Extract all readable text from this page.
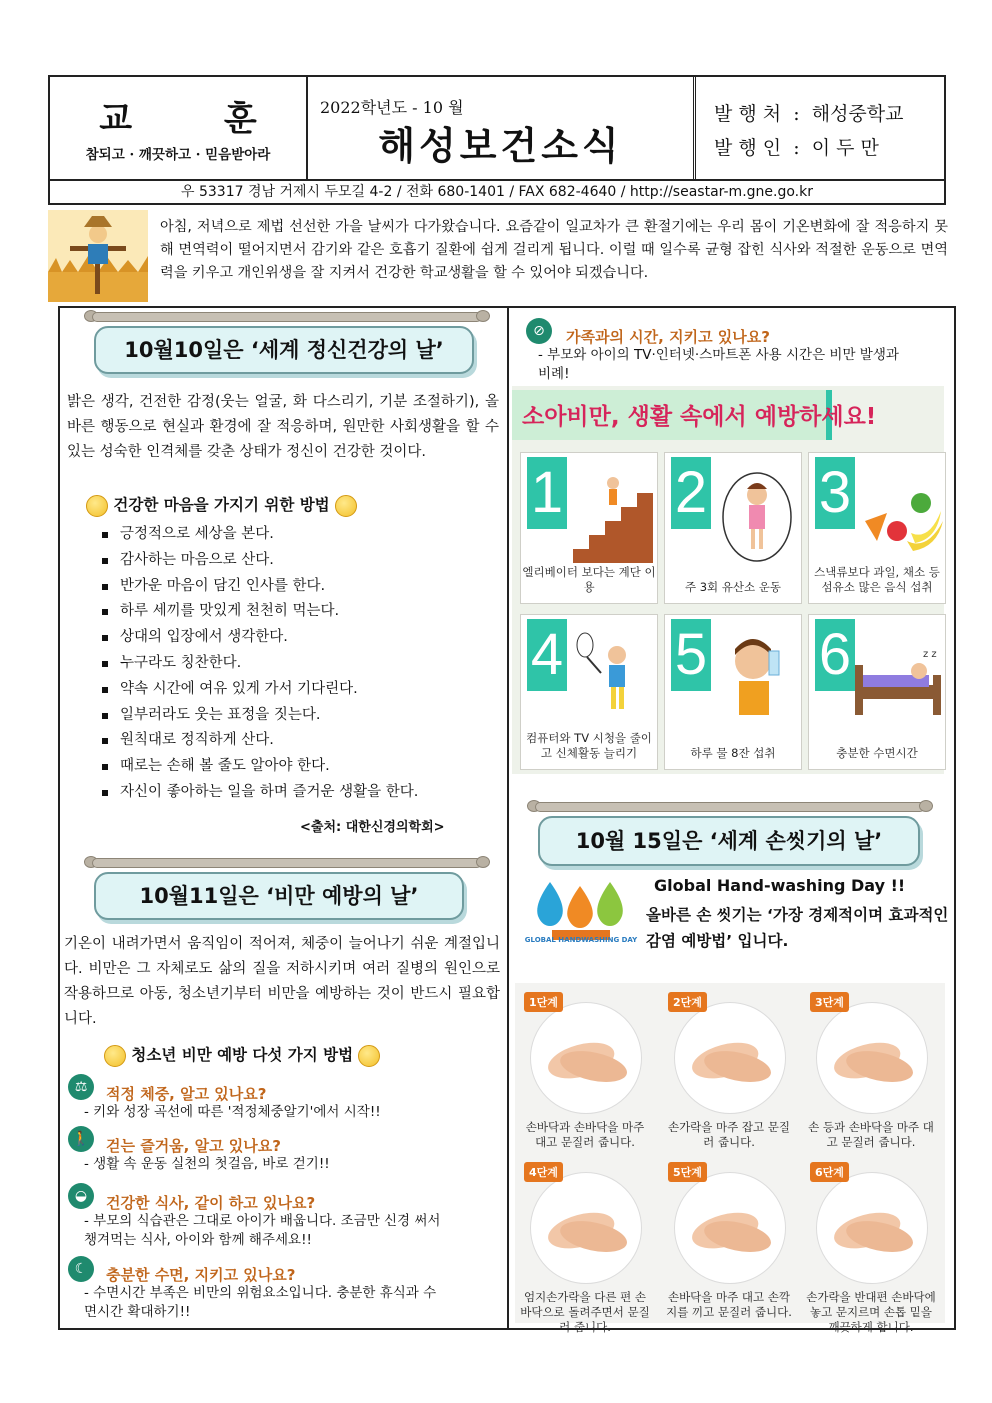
교 훈
참되고 · 깨끗하고 · 믿음받아라
2022학년도 - 10 월
해성보건소식
발 행 처  :  해성중학교
발 행 인  :  이 두 만
우 53317 경남 거제시 두모길 4-2 / 전화 680-1401 / FAX 682-4640 / http://seastar-m.gne.go.kr
아침, 저녁으로 제법 선선한 가을 날씨가 다가왔습니다. 요즘같이 일교차가 큰 환절기에는 우리 몸이 기온변화에 잘 적응하지 못해 면역력이 떨어지면서 감기와 같은 호흡기 질환에 쉽게 걸리게 됩니다. 이럴 때 일수록 균형 잡힌 식사와 적절한 운동으로 면역력을 키우고 개인위생을 잘 지켜서 건강한 학교생활을 할 수 있어야 되겠습니다.
10월10일은 ‘세계 정신건강의 날’
밝은 생각, 건전한 감정(웃는 얼굴, 화 다스리기, 기분 조절하기), 올바른 행동으로 현실과 환경에 잘 적응하며, 원만한 사회생활을 할 수 있는 성숙한 인격체를 갖춘 상태가 정신이 건강한 것이다.
건강한 마음을 가지기 위한 방법
긍정적으로 세상을 본다.
감사하는 마음으로 산다.
반가운 마음이 담긴 인사를 한다.
하루 세끼를 맛있게 천천히 먹는다.
상대의 입장에서 생각한다.
누구라도 칭찬한다.
약속 시간에 여유 있게 가서 기다린다.
일부러라도 웃는 표정을 짓는다.
원칙대로 정직하게 산다.
때로는 손해 볼 줄도 알아야 한다.
자신이 좋아하는 일을 하며 즐거운 생활을 한다.
<출처: 대한신경의학회>
10월11일은 ‘비만 예방의 날’
기온이 내려가면서 움직임이 적어져, 체중이 늘어나기 쉬운 계절입니다. 비만은 그 자체로도 삶의 질을 저하시키며 여러 질병의 원인으로 작용하므로 아동, 청소년기부터 비만을 예방하는 것이 반드시 필요합니다.
청소년 비만 예방 다섯 가지 방법
⚖	적정 체중, 알고 있나요?
- 키와 성장 곡선에 따른 '적정체중알기'에서 시작!!
🚶 걷는 즐거움, 알고 있나요?
- 생활 속 운동 실천의 첫걸음, 바로 걷기!!
◒	건강한 식사, 같이 하고 있나요?
- 부모의 식습관은 그대로 아이가 배웁니다. 조금만 신경 써서 챙겨먹는 식사, 아이와 함께 해주세요!!
☾	충분한 수면, 지키고 있나요?
- 수면시간 부족은 비만의 위험요소입니다. 충분한 휴식과 수면시간 확대하기!!
⊘	가족과의 시간, 지키고 있나요?
- 부모와 아이의 TV·인터넷·스마트폰 사용 시간은 비만 발생과 비례!
소아비만, 생활 속에서 예방하세요!
1
엘리베이터 보다는 계단 이용
2
주 3회 유산소 운동
3
스낵류보다 과일, 채소 등 섬유소 많은 음식 섭취
4
컴퓨터와 TV 시청을 줄이고 신체활동 늘리기
5
하루 물 8잔 섭취
6	z z
충분한 수면시간
10월 15일은 ‘세계 손씻기의 날’
GLOBAL HANDWASHING DAY
OCTOBER 15
Global Hand-washing Day !!
올바른 손 씻기는 ‘가장 경제적이며 효과적인 감염 예방법’ 입니다.
1단계
손바닥과 손바닥을 마주 대고 문질러 줍니다.
2단계
손가락을 마주 잡고 문질러 줍니다.
3단계
손 등과 손바닥을 마주 대고 문질러 줍니다.
4단계
엄지손가락을 다른 편 손바닥으로 돌려주면서 문질러 줍니다.
5단계
손바닥을 마주 대고 손깍지를 끼고 문질러 줍니다.
6단계
손가락을 반대편 손바닥에 놓고 문지르며 손톱 밑을 깨끗하게 합니다.
